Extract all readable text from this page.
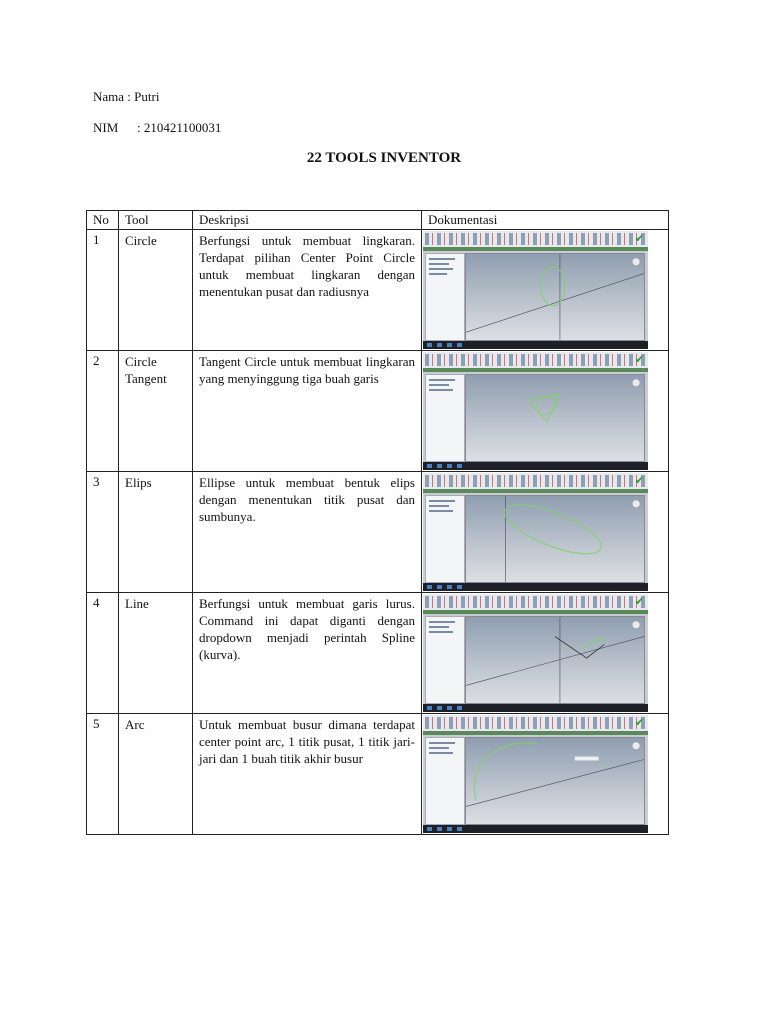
Nama : Putri
NIM : 210421100031
22 TOOLS INVENTOR
No	Tool	Deskripsi	Dokumentasi
1	Circle	Berfungsi untuk membuat lingkaran. Terdapat pilihan Center Point Circle untuk membuat lingkaran dengan menentukan pusat dan radiusnya	✔

2	Circle Tangent	Tangent Circle untuk membuat lingkaran yang menyinggung tiga buah garis	✔

3	Elips	Ellipse untuk membuat bentuk elips dengan menentukan titik pusat dan sumbunya.	✔

4	Line	Berfungsi untuk membuat garis lurus. Command ini dapat diganti dengan dropdown menjadi perintah Spline (kurva).	✔

5	Arc	Untuk membuat busur dimana terdapat center point arc, 1 titik pusat, 1 titik jari-jari dan 1 buah titik akhir busur	✔
